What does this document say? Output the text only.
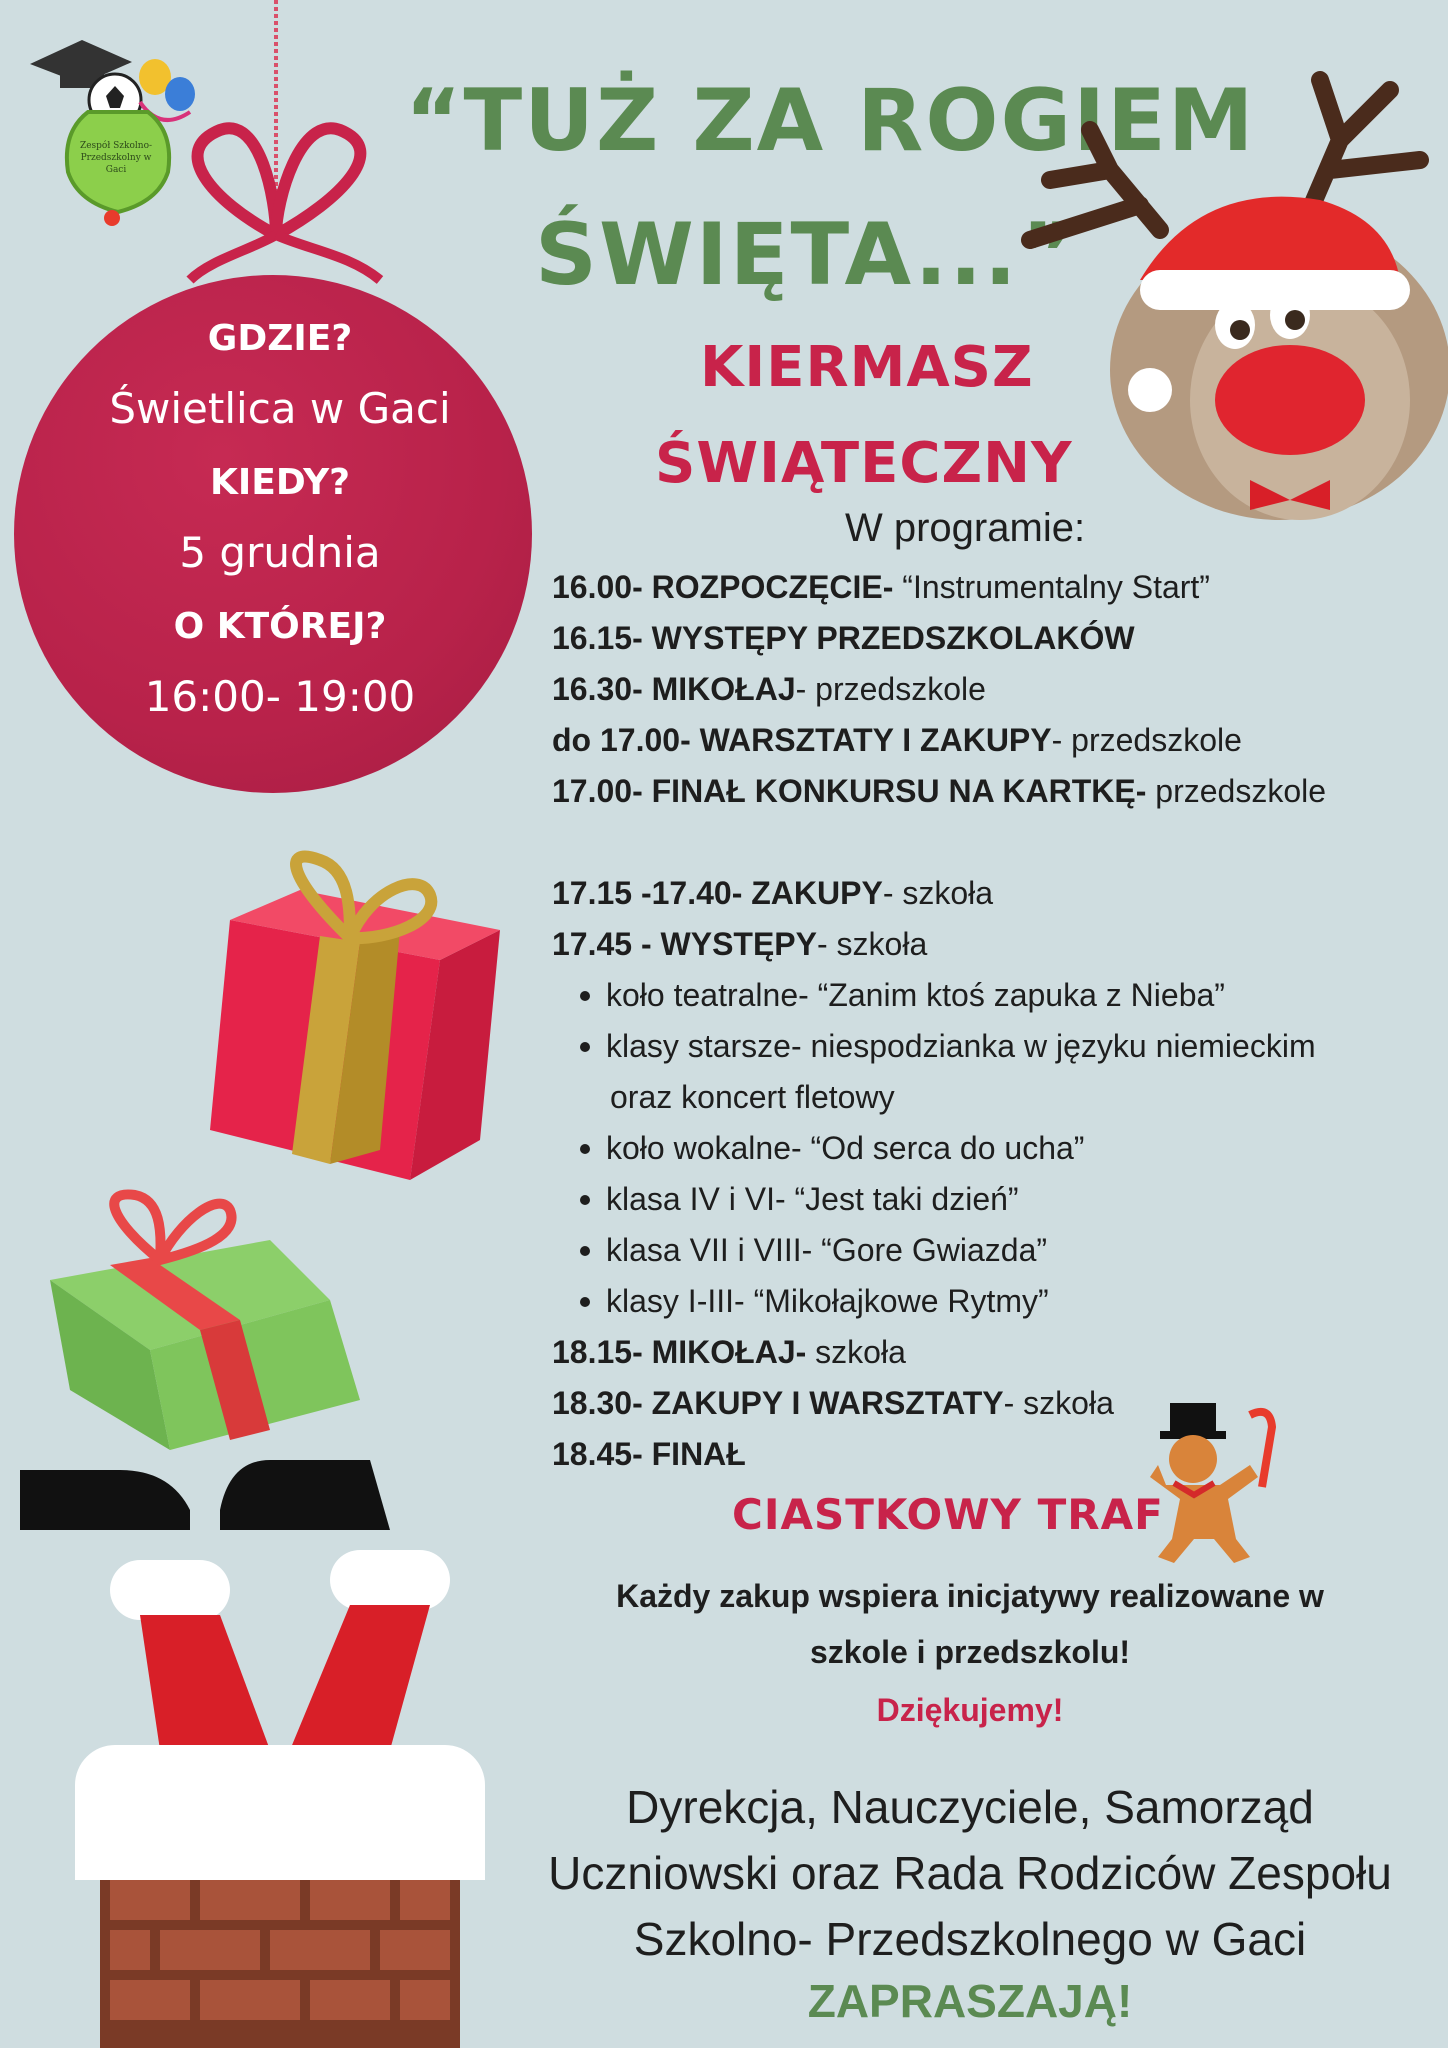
Zespół Szkolno-Przedszkolny w Gaci
GDZIE?
Świetlica w Gaci
KIEDY?
5 grudnia
O KTÓREJ?
16:00- 19:00
“TUŻ ZA ROGIEM
ŚWIĘTA...”
KIERMASZ
ŚWIĄTECZNY
W programie:
16.00- ROZPOCZĘCIE- “Instrumentalny Start”
16.15- WYSTĘPY PRZEDSZKOLAKÓW
16.30- MIKOŁAJ- przedszkole
do 17.00- WARSZTATY I ZAKUPY- przedszkole
17.00- FINAŁ KONKURSU NA KARTKĘ- przedszkole
17.15 -17.40- ZAKUPY- szkoła
17.45 - WYSTĘPY- szkoła
koło teatralne- “Zanim ktoś zapuka z Nieba”
klasy starsze- niespodzianka w języku niemieckim
oraz koncert fletowy
koło wokalne- “Od serca do ucha”
klasa IV i VI- “Jest taki dzień”
klasa VII i VIII- “Gore Gwiazda”
klasy I-III- “Mikołajkowe Rytmy”
18.15- MIKOŁAJ- szkoła
18.30- ZAKUPY I WARSZTATY- szkoła
18.45- FINAŁ
CIASTKOWY TRAF
Każdy zakup wspiera inicjatywy realizowane w
szkole i przedszkolu!
Dziękujemy!
Dyrekcja, Nauczyciele, Samorząd
Uczniowski oraz Rada Rodziców Zespołu
Szkolno- Przedszkolnego w Gaci
ZAPRASZAJĄ!
